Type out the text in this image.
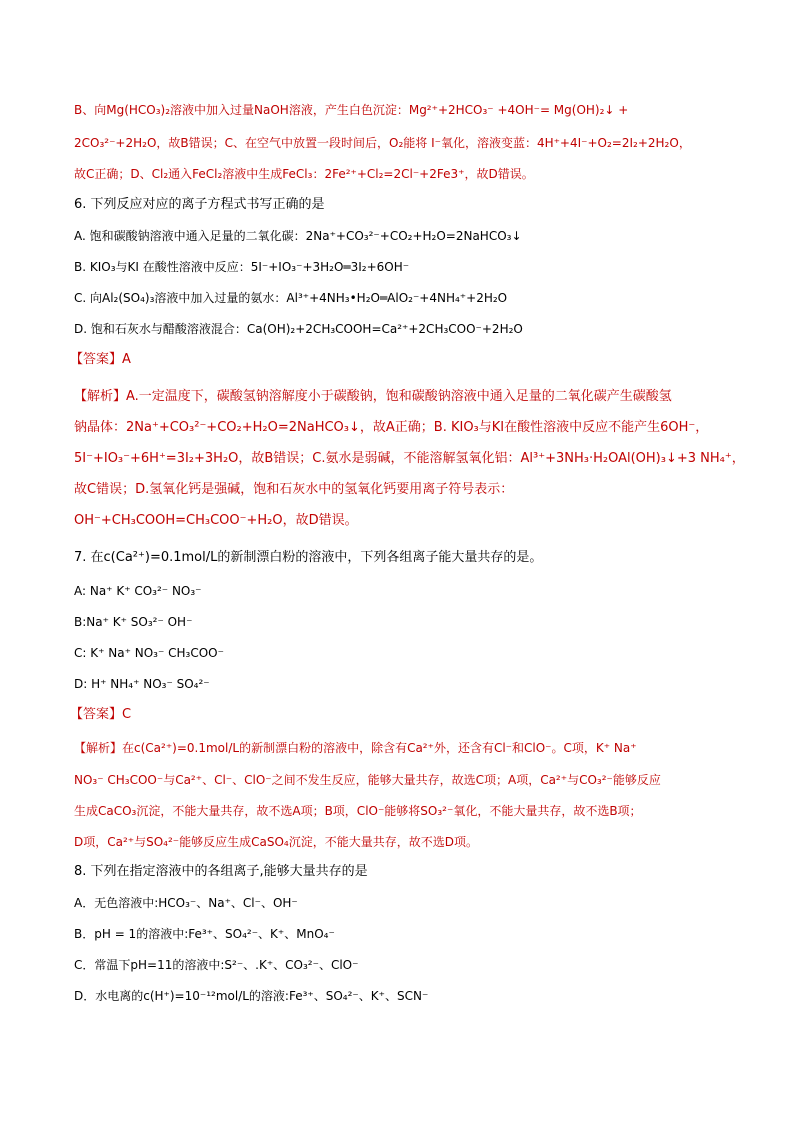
B、向Mg(HCO₃)₂溶液中加入过量NaOH溶液，产生白色沉淀：Mg²⁺+2HCO₃⁻ +4OH⁻= Mg(OH)₂↓ +
2CO₃²⁻+2H₂O，故B错误；C、在空气中放置一段时间后，O₂能将 I⁻氧化，溶液变蓝：4H⁺+4I⁻+O₂=2I₂+2H₂O，
故C正确；D、Cl₂通入FeCl₂溶液中生成FeCl₃：2Fe²⁺+Cl₂=2Cl⁻+2Fe3⁺，故D错误。
6. 下列反应对应的离子方程式书写正确的是
A. 饱和碳酸钠溶液中通入足量的二氧化碳：2Na⁺+CO₃²⁻+CO₂+H₂O=2NaHCO₃↓
B. KIO₃与KI 在酸性溶液中反应：5I⁻+IO₃⁻+3H₂O═3I₂+6OH⁻
C. 向Al₂(SO₄)₃溶液中加入过量的氨水：Al³⁺+4NH₃•H₂O═AlO₂⁻+4NH₄⁺+2H₂O
D. 饱和石灰水与醋酸溶液混合：Ca(OH)₂+2CH₃COOH=Ca²⁺+2CH₃COO⁻+2H₂O
【答案】A
【解析】A.一定温度下，碳酸氢钠溶解度小于碳酸钠，饱和碳酸钠溶液中通入足量的二氧化碳产生碳酸氢
钠晶体：2Na⁺+CO₃²⁻+CO₂+H₂O=2NaHCO₃↓，故A正确；B. KIO₃与KI在酸性溶液中反应不能产生6OH⁻，
5I⁻+IO₃⁻+6H⁺=3I₂+3H₂O，故B错误；C.氨水是弱碱，不能溶解氢氧化铝：Al³⁺+3NH₃·H₂OAl(OH)₃↓+3 NH₄⁺，
故C错误；D.氢氧化钙是强碱，饱和石灰水中的氢氧化钙要用离子符号表示：
OH⁻+CH₃COOH=CH₃COO⁻+H₂O，故D错误。
7. 在c(Ca²⁺)=0.1mol/L的新制漂白粉的溶液中，下列各组离子能大量共存的是。
A: Na⁺ K⁺ CO₃²⁻ NO₃⁻
B:Na⁺ K⁺ SO₃²⁻ OH⁻
C: K⁺ Na⁺ NO₃⁻ CH₃COO⁻
D: H⁺ NH₄⁺ NO₃⁻ SO₄²⁻
【答案】C
【解析】在c(Ca²⁺)=0.1mol/L的新制漂白粉的溶液中，除含有Ca²⁺外，还含有Cl⁻和ClO⁻。C项，K⁺ Na⁺
NO₃⁻ CH₃COO⁻与Ca²⁺、Cl⁻、ClO⁻之间不发生反应，能够大量共存，故选C项；A项，Ca²⁺与CO₃²⁻能够反应
生成CaCO₃沉淀，不能大量共存，故不选A项；B项，ClO⁻能够将SO₃²⁻氧化，不能大量共存，故不选B项；
D项，Ca²⁺与SO₄²⁻能够反应生成CaSO₄沉淀，不能大量共存，故不选D项。
8. 下列在指定溶液中的各组离子,能够大量共存的是
A．无色溶液中:HCO₃⁻、Na⁺、Cl⁻、OH⁻
B．pH = 1的溶液中:Fe³⁺、SO₄²⁻、K⁺、MnO₄⁻
C．常温下pH=11的溶液中:S²⁻、.K⁺、CO₃²⁻、ClO⁻
D．水电离的c(H⁺)=10⁻¹²mol/L的溶液:Fe³⁺、SO₄²⁻、K⁺、SCN⁻
